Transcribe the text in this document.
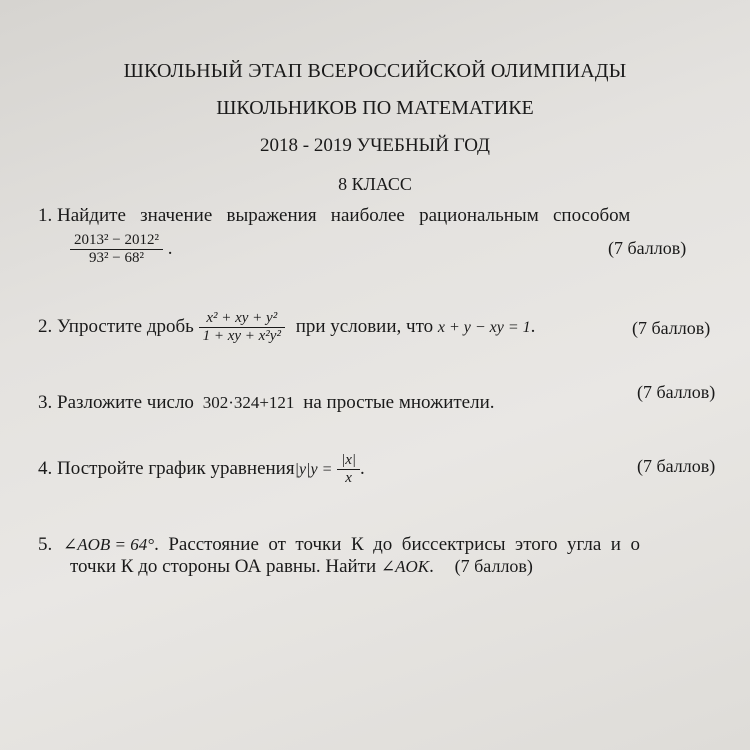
ШКОЛЬНЫЙ ЭТАП ВСЕРОССИЙСКОЙ ОЛИМПИАДЫ
ШКОЛЬНИКОВ ПО МАТЕМАТИКЕ
2018 - 2019 УЧЕБНЫЙ ГОД
8 КЛАСС
1. Найдите   значение   выражения   наиболее   рациональным   способом
$\frac{\text{2013² − 2012²}}{\text{93² − 68²}}$ .	(7 баллов)
2. Упростите дробь $\frac{\text{x² + xy + y²}}{\text{1 + xy + x²y²}}$ при условии, что x + y − xy = 1.	(7 баллов)
3. Разложите число 302·324+121 на простые множители.	(7 баллов)
4. Постройте график уравнения|y|y = $\frac{|x|}{x}$ .	(7 баллов)
5. ∠AOB = 64°.  Расстояние  от  точки  К  до  биссектрисы  этого  угла  и  о
точки К до стороны ОА равны. Найти ∠AOK. (7 баллов)
